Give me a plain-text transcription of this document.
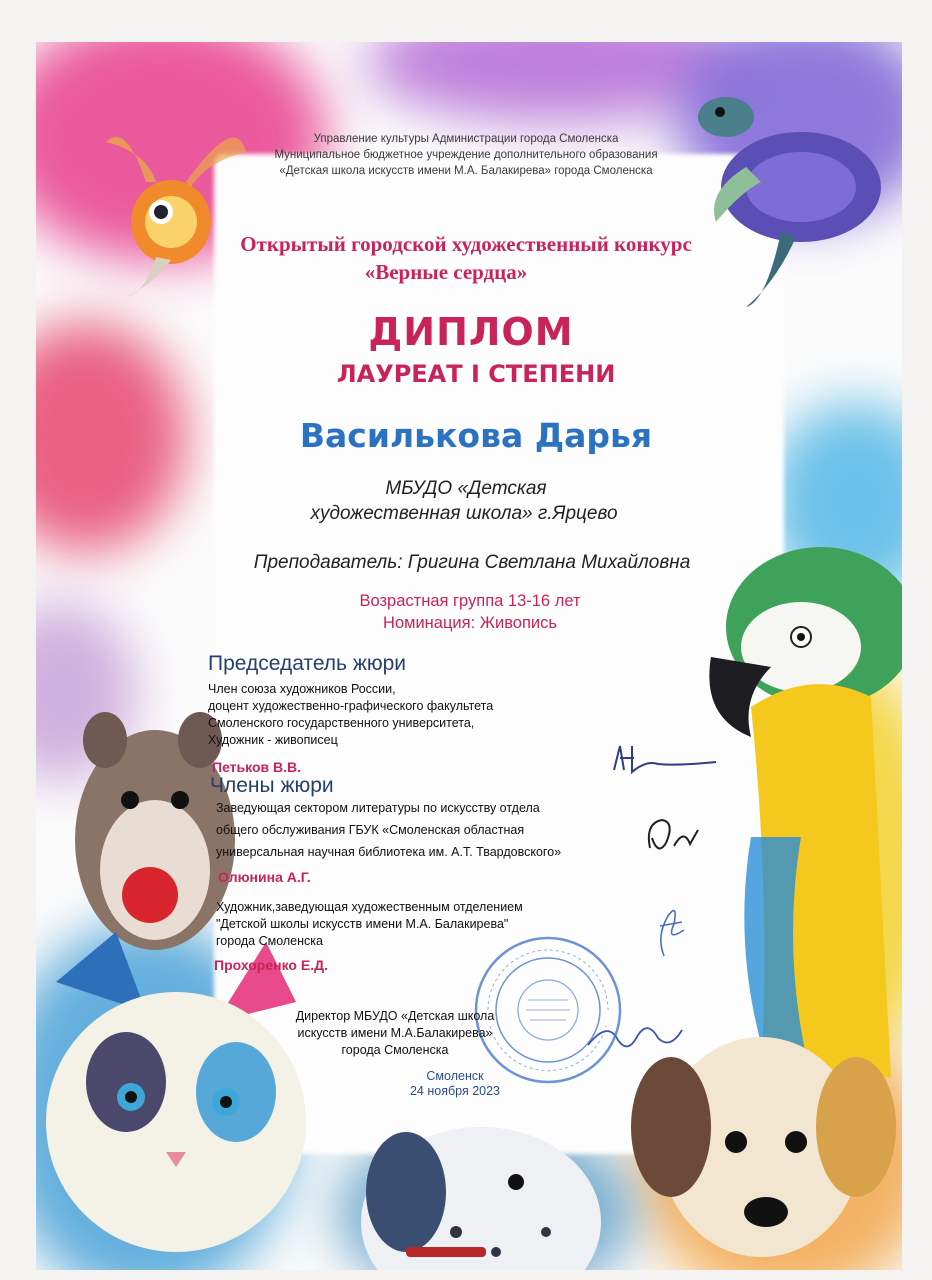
Управление культуры Администрации города Смоленска
Муниципальное бюджетное учреждение дополнительного образования
«Детская школа искусств имени М.А. Балакирева» города Смоленска
Открытый городской художественный конкурс
«Верные сердца»
ДИПЛОМ
ЛАУРЕАТ I СТЕПЕНИ
Василькова Дарья
МБУДО «Детская
художественная школа» г.Ярцево
Преподаватель: Григина Светлана Михайловна
Возрастная группа 13-16 лет
Номинация: Живопись
Председатель жюри
Член союза художников России,
доцент художественно-графического факультета
Смоленского государственного университета,
Художник - живописец
Петьков В.В.
Члены жюри
Заведующая сектором литературы по искусству отдела
общего обслуживания ГБУК «Смоленская областная
универсальная научная библиотека им. А.Т. Твардовского»
Олюнина А.Г.
Художник,заведующая художественным отделением
"Детской школы искусств имени М.А. Балакирева"
города Смоленска
Прохоренко Е.Д.
Директор МБУДО «Детская школа
искусств имени М.А.Балакирева»
города Смоленска
Смоленск
24 ноября 2023
